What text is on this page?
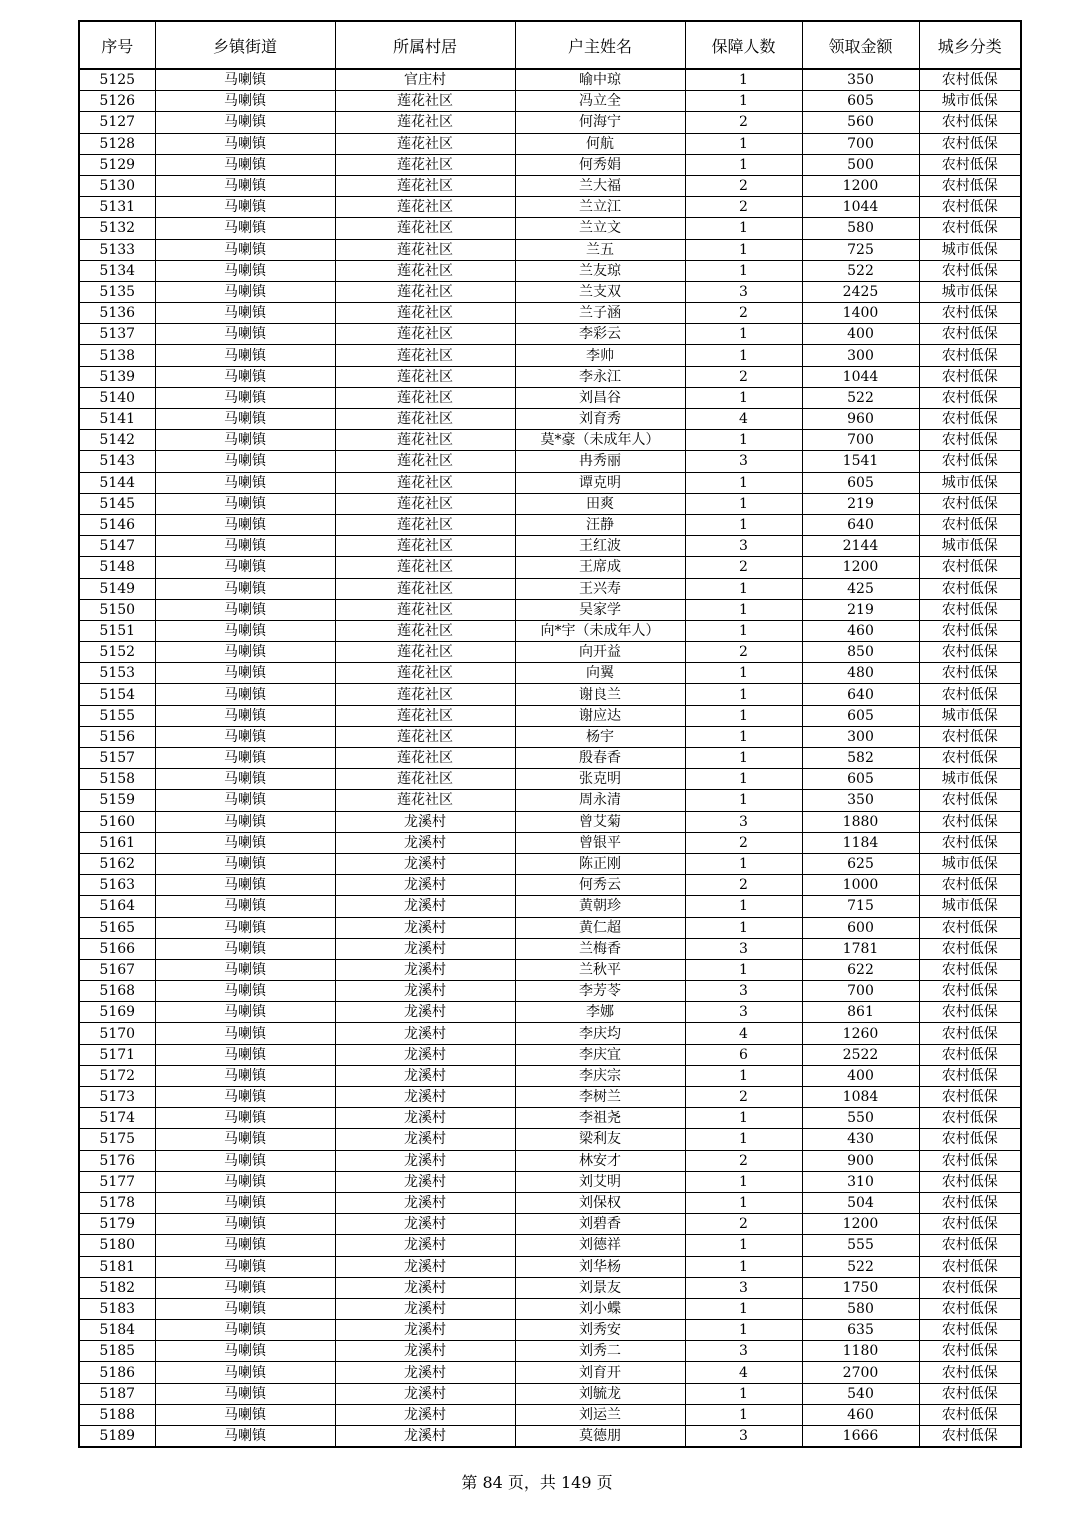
序号	乡镇街道	所属村居	户主姓名	保障人数	领取金额	城乡分类
5125	马喇镇	官庄村	喻中琼	1	350	农村低保
5126	马喇镇	莲花社区	冯立全	1	605	城市低保
5127	马喇镇	莲花社区	何海宁	2	560	农村低保
5128	马喇镇	莲花社区	何航	1	700	农村低保
5129	马喇镇	莲花社区	何秀娟	1	500	农村低保
5130	马喇镇	莲花社区	兰大福	2	1200	农村低保
5131	马喇镇	莲花社区	兰立江	2	1044	农村低保
5132	马喇镇	莲花社区	兰立文	1	580	农村低保
5133	马喇镇	莲花社区	兰五	1	725	城市低保
5134	马喇镇	莲花社区	兰友琼	1	522	农村低保
5135	马喇镇	莲花社区	兰支双	3	2425	城市低保
5136	马喇镇	莲花社区	兰子涵	2	1400	农村低保
5137	马喇镇	莲花社区	李彩云	1	400	农村低保
5138	马喇镇	莲花社区	李帅	1	300	农村低保
5139	马喇镇	莲花社区	李永江	2	1044	农村低保
5140	马喇镇	莲花社区	刘昌谷	1	522	农村低保
5141	马喇镇	莲花社区	刘育秀	4	960	农村低保
5142	马喇镇	莲花社区	莫*豪（未成年人）	1	700	农村低保
5143	马喇镇	莲花社区	冉秀丽	3	1541	农村低保
5144	马喇镇	莲花社区	谭克明	1	605	城市低保
5145	马喇镇	莲花社区	田爽	1	219	农村低保
5146	马喇镇	莲花社区	汪静	1	640	农村低保
5147	马喇镇	莲花社区	王红波	3	2144	城市低保
5148	马喇镇	莲花社区	王席成	2	1200	农村低保
5149	马喇镇	莲花社区	王兴寿	1	425	农村低保
5150	马喇镇	莲花社区	吴家学	1	219	农村低保
5151	马喇镇	莲花社区	向*宇（未成年人）	1	460	农村低保
5152	马喇镇	莲花社区	向开益	2	850	农村低保
5153	马喇镇	莲花社区	向翼	1	480	农村低保
5154	马喇镇	莲花社区	谢良兰	1	640	农村低保
5155	马喇镇	莲花社区	谢应达	1	605	城市低保
5156	马喇镇	莲花社区	杨宇	1	300	农村低保
5157	马喇镇	莲花社区	殷春香	1	582	农村低保
5158	马喇镇	莲花社区	张克明	1	605	城市低保
5159	马喇镇	莲花社区	周永清	1	350	农村低保
5160	马喇镇	龙溪村	曾艾菊	3	1880	农村低保
5161	马喇镇	龙溪村	曾银平	2	1184	农村低保
5162	马喇镇	龙溪村	陈正刚	1	625	城市低保
5163	马喇镇	龙溪村	何秀云	2	1000	农村低保
5164	马喇镇	龙溪村	黄朝珍	1	715	城市低保
5165	马喇镇	龙溪村	黄仁超	1	600	农村低保
5166	马喇镇	龙溪村	兰梅香	3	1781	农村低保
5167	马喇镇	龙溪村	兰秋平	1	622	农村低保
5168	马喇镇	龙溪村	李芳苓	3	700	农村低保
5169	马喇镇	龙溪村	李娜	3	861	农村低保
5170	马喇镇	龙溪村	李庆均	4	1260	农村低保
5171	马喇镇	龙溪村	李庆宜	6	2522	农村低保
5172	马喇镇	龙溪村	李庆宗	1	400	农村低保
5173	马喇镇	龙溪村	李树兰	2	1084	农村低保
5174	马喇镇	龙溪村	李祖尧	1	550	农村低保
5175	马喇镇	龙溪村	梁利友	1	430	农村低保
5176	马喇镇	龙溪村	林安才	2	900	农村低保
5177	马喇镇	龙溪村	刘艾明	1	310	农村低保
5178	马喇镇	龙溪村	刘保权	1	504	农村低保
5179	马喇镇	龙溪村	刘碧香	2	1200	农村低保
5180	马喇镇	龙溪村	刘德祥	1	555	农村低保
5181	马喇镇	龙溪村	刘华杨	1	522	农村低保
5182	马喇镇	龙溪村	刘景友	3	1750	农村低保
5183	马喇镇	龙溪村	刘小蝶	1	580	农村低保
5184	马喇镇	龙溪村	刘秀安	1	635	农村低保
5185	马喇镇	龙溪村	刘秀二	3	1180	农村低保
5186	马喇镇	龙溪村	刘育开	4	2700	农村低保
5187	马喇镇	龙溪村	刘毓龙	1	540	农村低保
5188	马喇镇	龙溪村	刘运兰	1	460	农村低保
5189	马喇镇	龙溪村	莫德朋	3	1666	农村低保
第 84 页，共 149 页
